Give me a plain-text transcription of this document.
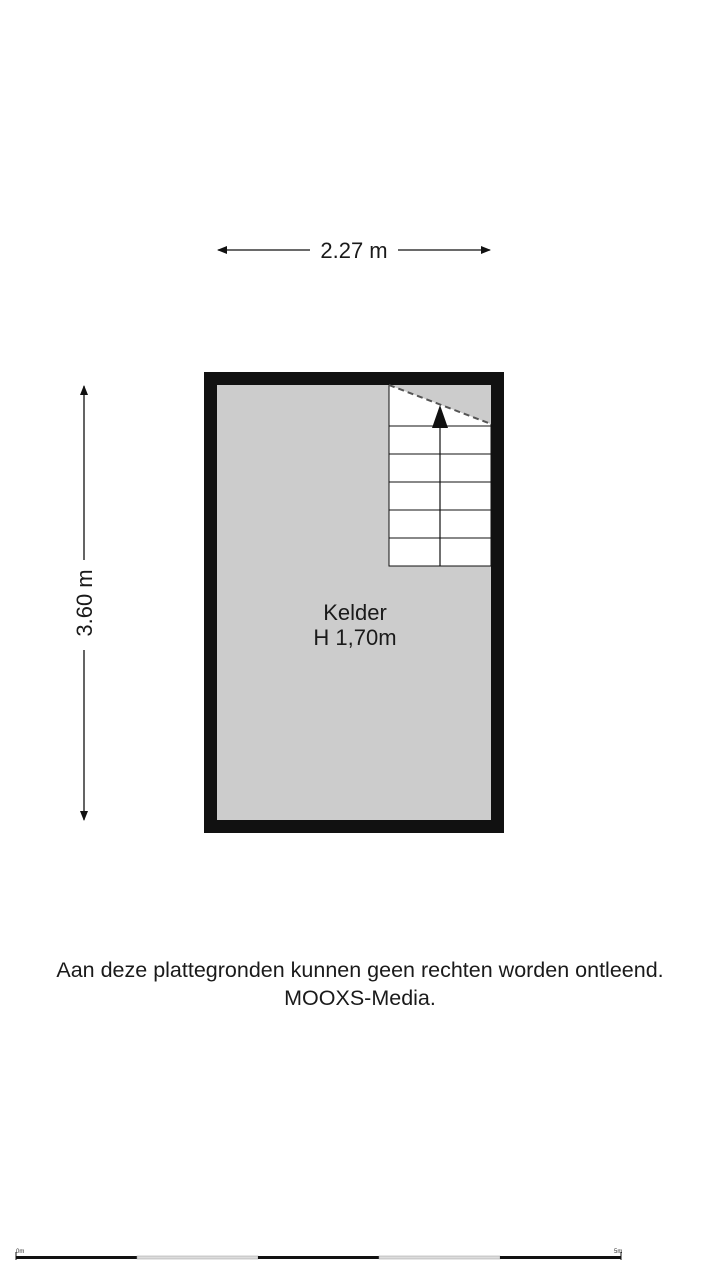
2.27 m
3.60 m	Kelder
H 1,70m
0m	5m
Aan deze plattegronden kunnen geen rechten worden ontleend.
MOOXS-Media.
